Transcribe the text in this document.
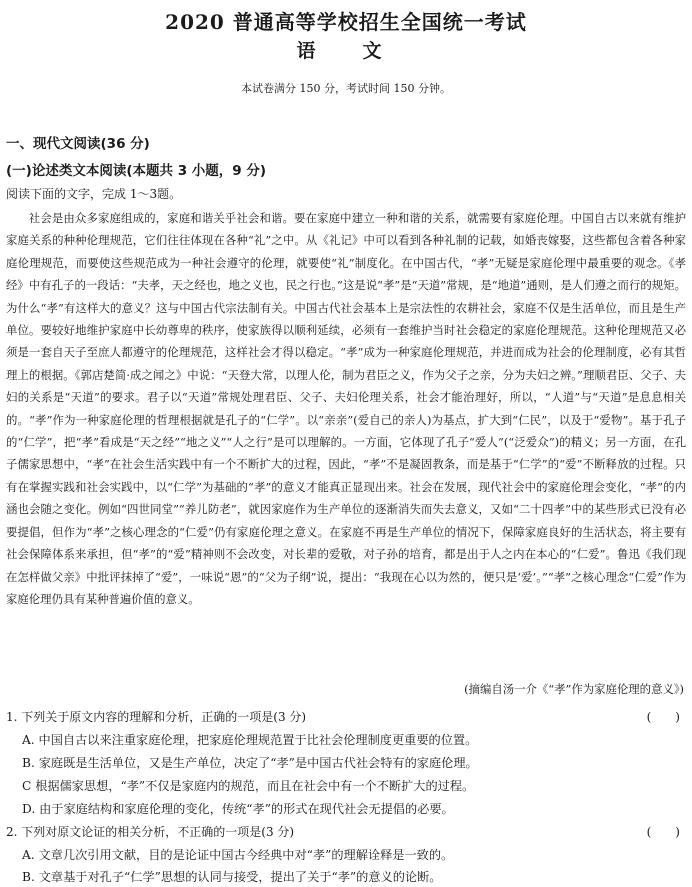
2020 普通高等学校招生全国统一考试
语　文
本试卷满分 150 分，考试时间 150 分钟。
一、现代文阅读(36 分)
(一)论述类文本阅读(本题共 3 小题，9 分)
阅读下面的文字，完成 1～3题。

社会是由众多家庭组成的，家庭和谐关乎社会和谐。要在家庭中建立一种和谐的关系，就需要有家庭伦理。中国自古以来就有维护家庭关系的种种伦理规范，它们往往体现在各种“礼”之中。从《礼记》中可以看到各种礼制的记载，如婚丧嫁娶，这些都包含着各种家庭伦理规范，而要使这些规范成为一种社会遵守的伦理，就要使“礼”制度化。在中国古代，“孝”无疑是家庭伦理中最重要的观念。《孝经》中有孔子的一段话：“夫孝，天之经也，地之义也，民之行也。”这是说“孝”是“天道”常规，是“地道”通则，是人们遵之而行的规矩。为什么“孝”有这样大的意义？这与中国古代宗法制有关。中国古代社会基本上是宗法性的农耕社会，家庭不仅是生活单位，而且是生产单位。要较好地维护家庭中长幼尊卑的秩序，使家族得以顺利延续，必须有一套维护当时社会稳定的家庭伦理规范。这种伦理规范又必须是一套自天子至庶人都遵守的伦理规范，这样社会才得以稳定。“孝”成为一种家庭伦理规范，并进而成为社会的伦理制度，必有其哲理上的根据。《郭店楚简·成之闻之》中说：“天登大常，以理人伦，制为君臣之义，作为父子之亲，分为夫妇之辨。”理顺君臣、父子、夫妇的关系是“天道”的要求。君子以“天道”常规处理君臣、父子、夫妇伦理关系，社会才能治理好，所以，“人道”与“天道”是息息相关的。“孝”作为一种家庭伦理的哲理根据就是孔子的“仁学”。以“亲亲”(爱自己的亲人)为基点，扩大到“仁民”，以及于“爱物”。基于孔子的“仁学”，把“孝”看成是“天之经”“地之义”“人之行”是可以理解的。一方面，它体现了孔子“爱人”(“泛爱众”)的精义；另一方面，在孔子儒家思想中，“孝”在社会生活实践中有一个不断扩大的过程，因此，“孝”不是凝固教条，而是基于“仁学”的“爱”不断释放的过程。只有在掌握实践和社会实践中，以“仁学”为基础的“孝”的意义才能真正显现出来。社会在发展，现代社会中的家庭伦理会变化，“孝”的内涵也会随之变化。例如“四世同堂”“养儿防老”，就因家庭作为生产单位的逐渐消失而失去意义，又如“二十四孝”中的某些形式已没有必要提倡，但作为“孝”之核心理念的“仁爱”仍有家庭伦理之意义。在家庭不再是生产单位的情况下，保障家庭良好的生活状态，将主要有社会保障体系来承担，但“孝”的“爱”精神则不会改变，对长辈的爱敬，对子孙的培育，都是出于人之内在本心的“仁爱”。鲁迅《我们现在怎样做父亲》中批评抹掉了“爱”，一味说“恩”的“父为子纲”说，提出：“我现在心以为然的，便只是‘爱’。”“孝”之核心理念“仁爱”作为家庭伦理仍具有某种普遍价值的意义。

(摘编自汤一介《“孝”作为家庭伦理的意义》)
1. 下列关于原文内容的理解和分析，正确的一项是(3 分)	(　　)
A. 中国自古以来注重家庭伦理，把家庭伦理规范置于比社会伦理制度更重要的位置。
B. 家庭既是生活单位，又是生产单位，决定了“孝”是中国古代社会特有的家庭伦理。
C 根据儒家思想，“孝”不仅是家庭内的规范，而且在社会中有一个不断扩大的过程。
D. 由于家庭结构和家庭伦理的变化，传统“孝”的形式在现代社会无提倡的必要。
2. 下列对原文论证的相关分析，不正确的一项是(3 分)	(　　)
A. 文章几次引用文献，目的是论证中国古今经典中对“孝”的理解诠释是一致的。
B. 文章基于对孔子“仁学”思想的认同与接受，提出了关于“孝”的意义的论断。
